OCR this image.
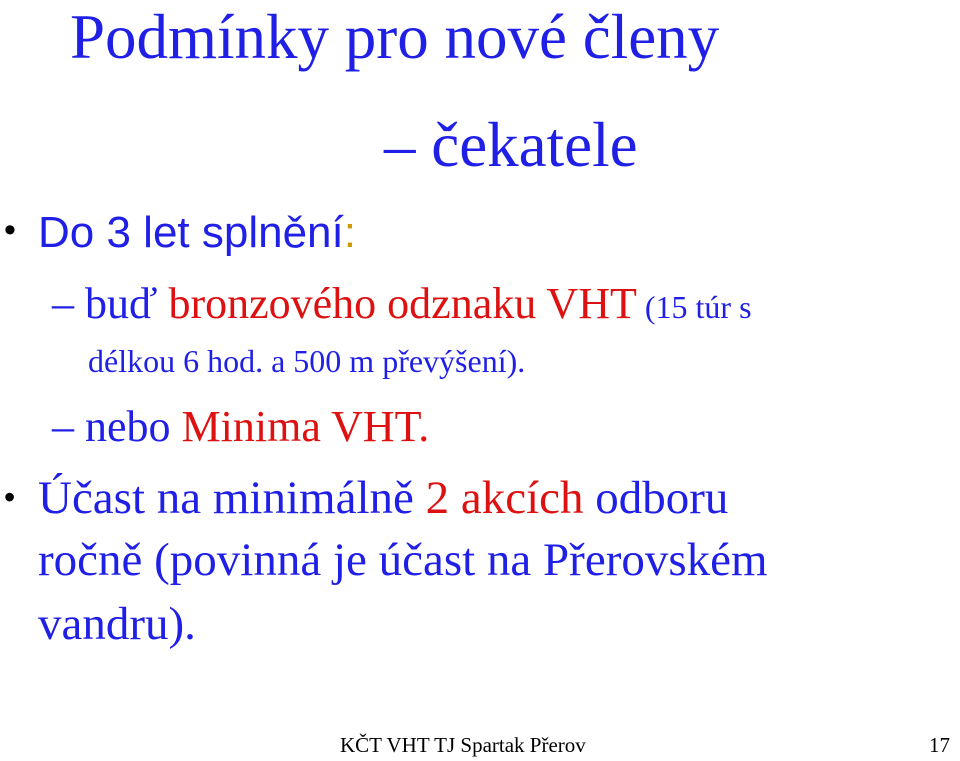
Podmínky pro nové členy
– čekatele
• Do 3 let splnění:
– buď bronzového odznaku VHT (15 túr s
délkou 6 hod. a 500 m převýšení).
– nebo Minima VHT.
• Účast na minimálně 2 akcích odboru
ročně (povinná je účast na Přerovském
vandru).
KČT VHT TJ Spartak Přerov	17
